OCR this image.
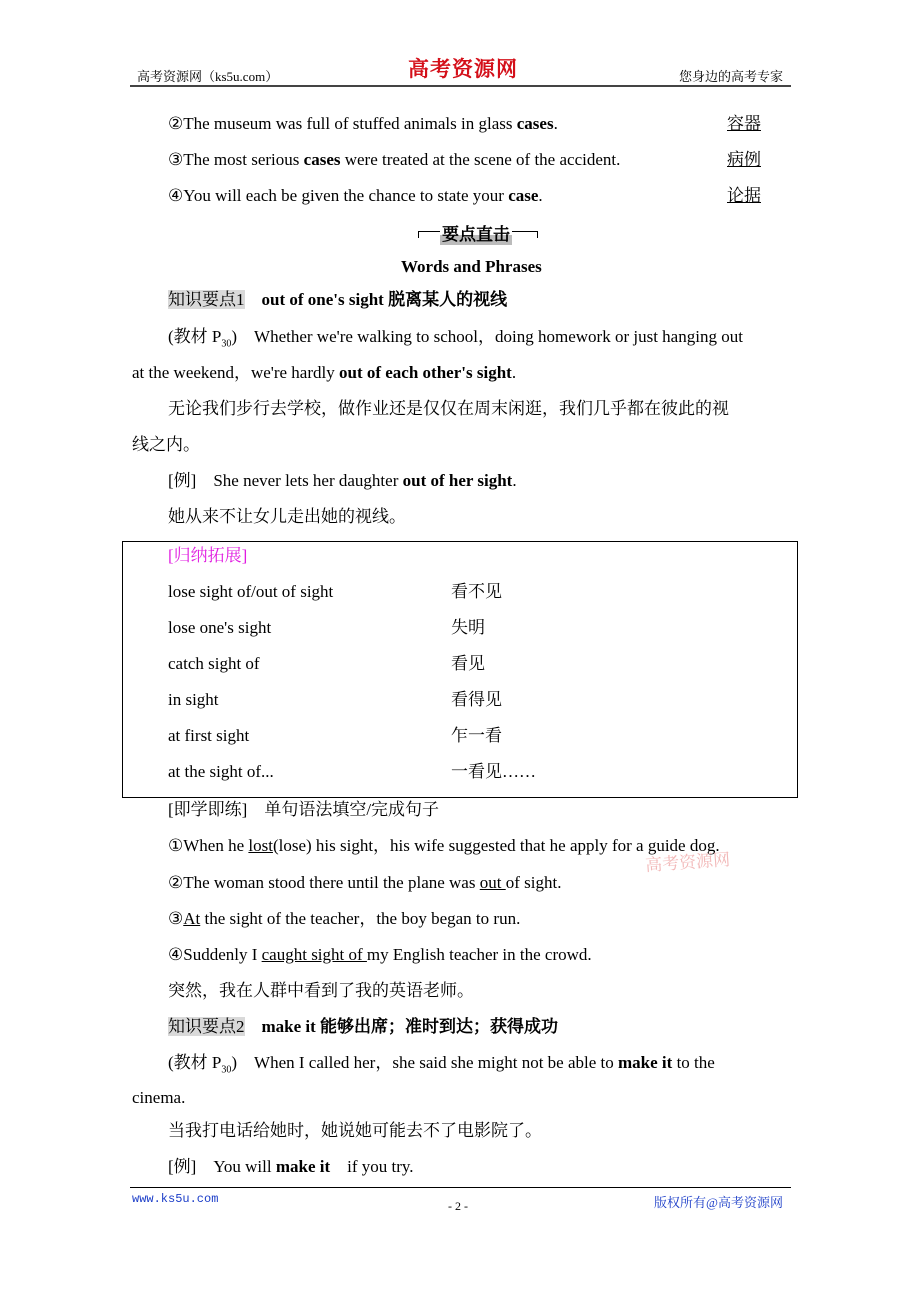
高考资源网（ks5u.com）	高考资源网	您身边的高考专家
要点直击
②The museum was full of stuffed animals in glass cases.	容器
③The most serious cases were treated at the scene of the accident.	病例
④You will each be given the chance to state your case.	论据
Words and Phrases
知识要点1 out of one's sight 脱离某人的视线
(教材 $P_{30}$)    Whether we're walking to school，doing homework or just hanging out
at the weekend，we're hardly out of each other's sight.
无论我们步行去学校，做作业还是仅仅在周末闲逛，我们几乎都在彼此的视
线之内。
[例]    She never lets her daughter out of her sight.
她从来不让女儿走出她的视线。
[归纳拓展]
[即学即练]    单句语法填空/完成句子
①When he lost(lose) his sight，his wife suggested that he apply for a guide dog.
②The woman stood there until the plane was out of sight.
③At the sight of the teacher，the boy began to run.
④Suddenly I caught sight of my English teacher in the crowd.
突然，我在人群中看到了我的英语老师。
知识要点2 make it 能够出席；准时到达；获得成功
(教材 $P_{30}$)    When I called her，she said she might not be able to make it to the
cinema.
当我打电话给她时，她说她可能去不了电影院了。
[例]    You will make it    if you try.
lose sight of/out of sight	看不见
lose one's sight	失明
catch sight of	看见
in sight	看得见
at first sight	乍一看
at the sight of...	一看见……
高考资源网
www.ks5u.com	- 2 -	版权所有@高考资源网
